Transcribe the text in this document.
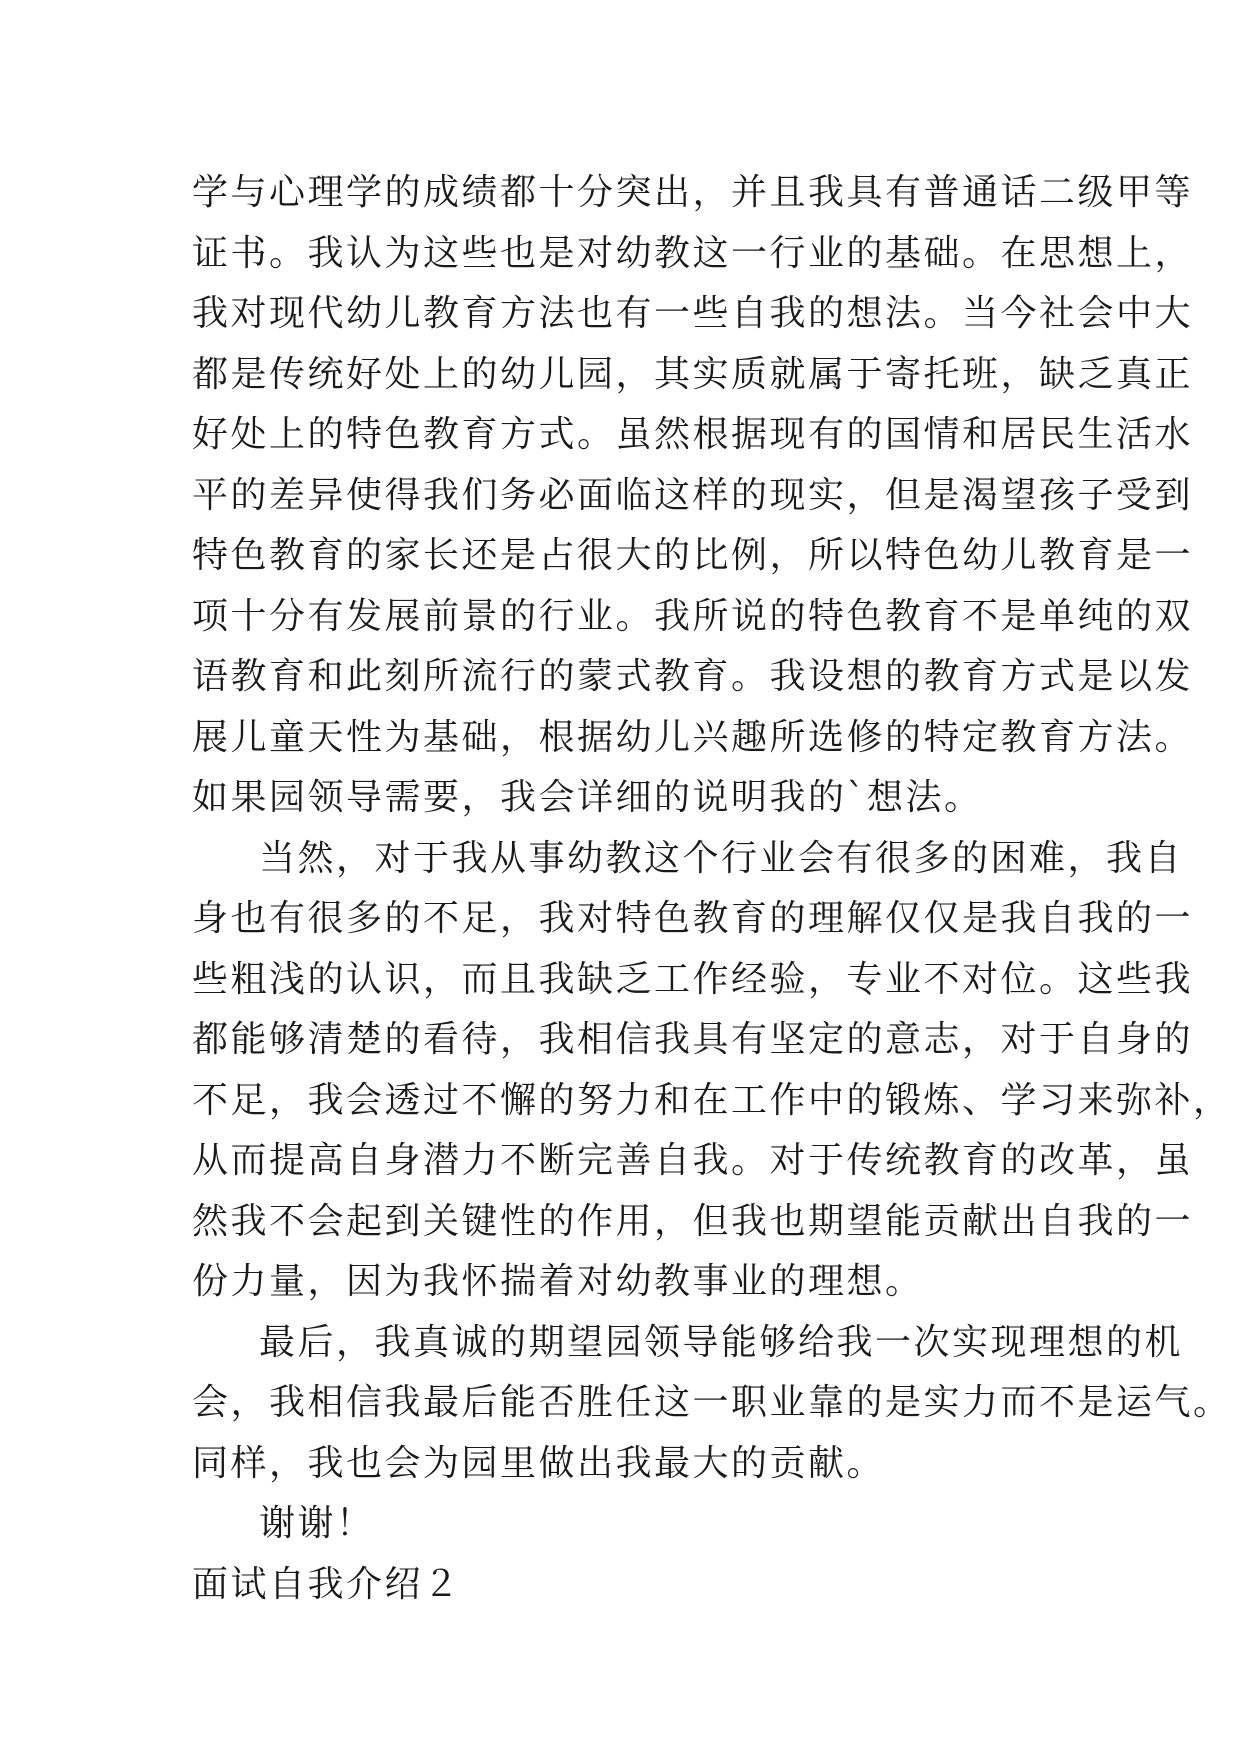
学与心理学的成绩都十分突出，并且我具有普通话二级甲等
证书。我认为这些也是对幼教这一行业的基础。在思想上，
我对现代幼儿教育方法也有一些自我的想法。当今社会中大
都是传统好处上的幼儿园，其实质就属于寄托班，缺乏真正
好处上的特色教育方式。虽然根据现有的国情和居民生活水
平的差异使得我们务必面临这样的现实，但是渴望孩子受到
特色教育的家长还是占很大的比例，所以特色幼儿教育是一
项十分有发展前景的行业。我所说的特色教育不是单纯的双
语教育和此刻所流行的蒙式教育。我设想的教育方式是以发
展儿童天性为基础，根据幼儿兴趣所选修的特定教育方法。
如果园领导需要，我会详细的说明我的`想法。

当然，对于我从事幼教这个行业会有很多的困难，我自
身也有很多的不足，我对特色教育的理解仅仅是我自我的一
些粗浅的认识，而且我缺乏工作经验，专业不对位。这些我
都能够清楚的看待，我相信我具有坚定的意志，对于自身的
不足，我会透过不懈的努力和在工作中的锻炼、学习来弥补，
从而提高自身潜力不断完善自我。对于传统教育的改革，虽
然我不会起到关键性的作用，但我也期望能贡献出自我的一
份力量，因为我怀揣着对幼教事业的理想。

最后，我真诚的期望园领导能够给我一次实现理想的机
会，我相信我最后能否胜任这一职业靠的是实力而不是运气。
同样，我也会为园里做出我最大的贡献。

谢谢！

面试自我介绍２
